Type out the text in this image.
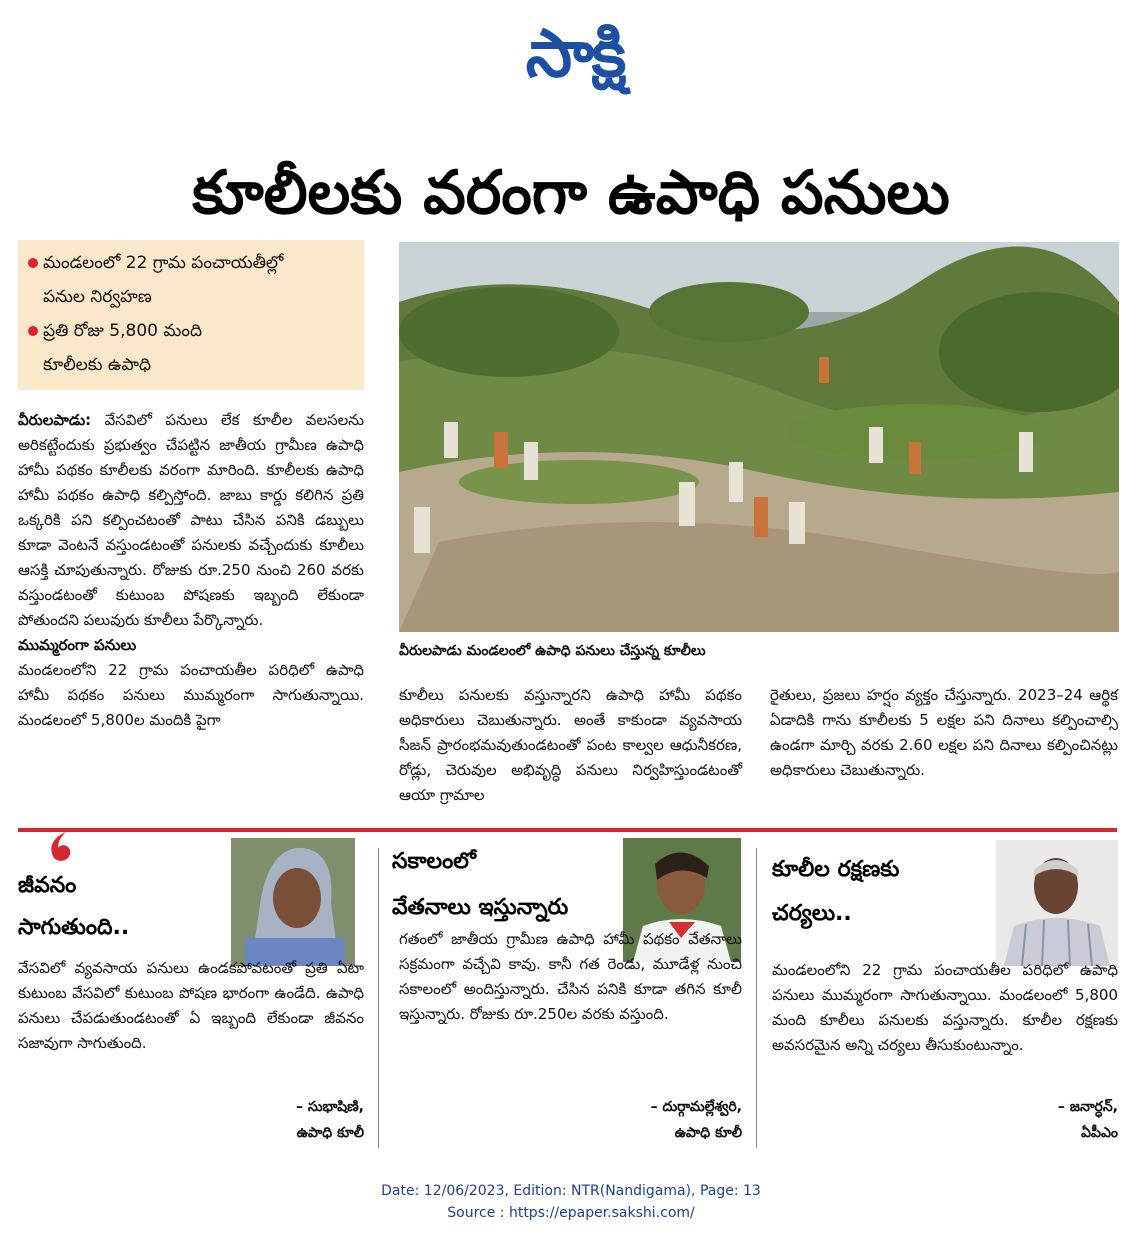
సాక్షి
కూలీలకు వరంగా ఉపాధి పనులు
మండలంలో 22 గ్రామ పంచాయతీల్లో
పనుల నిర్వహణ
ప్రతి రోజు 5,800 మంది
కూలీలకు ఉపాధి
వీరులపాడు: వేసవిలో పనులు లేక కూలీల వలసలను అరికట్టేందుకు ప్రభుత్వం చేపట్టిన జాతీయ గ్రామీణ ఉపాధి హామీ పథకం కూలీలకు వరంగా మారింది. కూలీలకు ఉపాధి హామీ పథకం ఉపాధి కల్పిస్తోంది. జాబు కార్డు కలిగిన ప్రతి ఒక్కరికి పని కల్పించటంతో పాటు చేసిన పనికి డబ్బులు కూడా వెంటనే వస్తుండటంతో పనులకు వచ్చేందుకు కూలీలు ఆసక్తి చూపుతున్నారు. రోజుకు రూ.250 నుంచి 260 వరకు వస్తుండటంతో కుటుంబ పోషణకు ఇబ్బంది లేకుండా పోతుందని పలువురు కూలీలు పేర్కొన్నారు.
ముమ్మరంగా పనులు
మండలంలోని 22 గ్రామ పంచాయతీల పరిధిలో ఉపాధి హామీ పథకం పనులు ముమ్మరంగా సాగుతున్నాయి. మండలంలో 5,800ల మందికి పైగా
వీరులపాడు మండలంలో ఉపాధి పనులు చేస్తున్న కూలీలు
కూలీలు పనులకు వస్తున్నారని ఉపాధి హామీ పథకం అధికారులు చెబుతున్నారు. అంతే కాకుండా వ్యవసాయ సీజన్ ప్రారంభమవుతుండటంతో పంట కాల్వల ఆధునీకరణ, రోడ్లు, చెరువుల అభివృద్ధి పనులు నిర్వహిస్తుండటంతో ఆయా గ్రామాల
రైతులు, ప్రజలు హర్షం వ్యక్తం చేస్తున్నారు. 2023–24 ఆర్థిక ఏడాదికి గాను కూలీలకు 5 లక్షల పని దినాలు కల్పించాల్సి ఉండగా మార్చి వరకు 2.60 లక్షల పని దినాలు కల్పించినట్లు అధికారులు చెబుతున్నారు.
జీవనం
సాగుతుంది..
వేసవిలో వ్యవసాయ పనులు ఉండకపోవటంతో ప్రతి ఏటా కుటుంబ వేసవిలో కుటుంబ పోషణ భారంగా ఉండేది. ఉపాధి పనులు చేపడుతుండటంతో ఏ ఇబ్బంది లేకుండా జీవనం సజావుగా సాగుతుంది.
– సుభాషిణి,
ఉపాధి కూలీ
సకాలంలో
వేతనాలు ఇస్తున్నారు
గతంలో జాతీయ గ్రామీణ ఉపాధి హామీ పథకం వేతనాలు సక్రమంగా వచ్చేవి కావు. కానీ గత రెండు, మూడేళ్ల నుంచి సకాలంలో అందిస్తున్నారు. చేసిన పనికి కూడా తగిన కూలీ ఇస్తున్నారు. రోజుకు రూ.250ల వరకు వస్తుంది.
– దుర్గామల్లేశ్వరి,
ఉపాధి కూలీ
కూలీల రక్షణకు
చర్యలు..
మండలంలోని 22 గ్రామ పంచాయతీల పరిధిలో ఉపాధి పనులు ముమ్మరంగా సాగుతున్నాయి. మండలంలో 5,800 మంది కూలీలు పనులకు వస్తున్నారు. కూలీల రక్షణకు అవసరమైన అన్ని చర్యలు తీసుకుంటున్నాం.
– జనార్ధన్,
ఏపీఎం
Date: 12/06/2023, Edition: NTR(Nandigama), Page: 13
Source : https://epaper.sakshi.com/
